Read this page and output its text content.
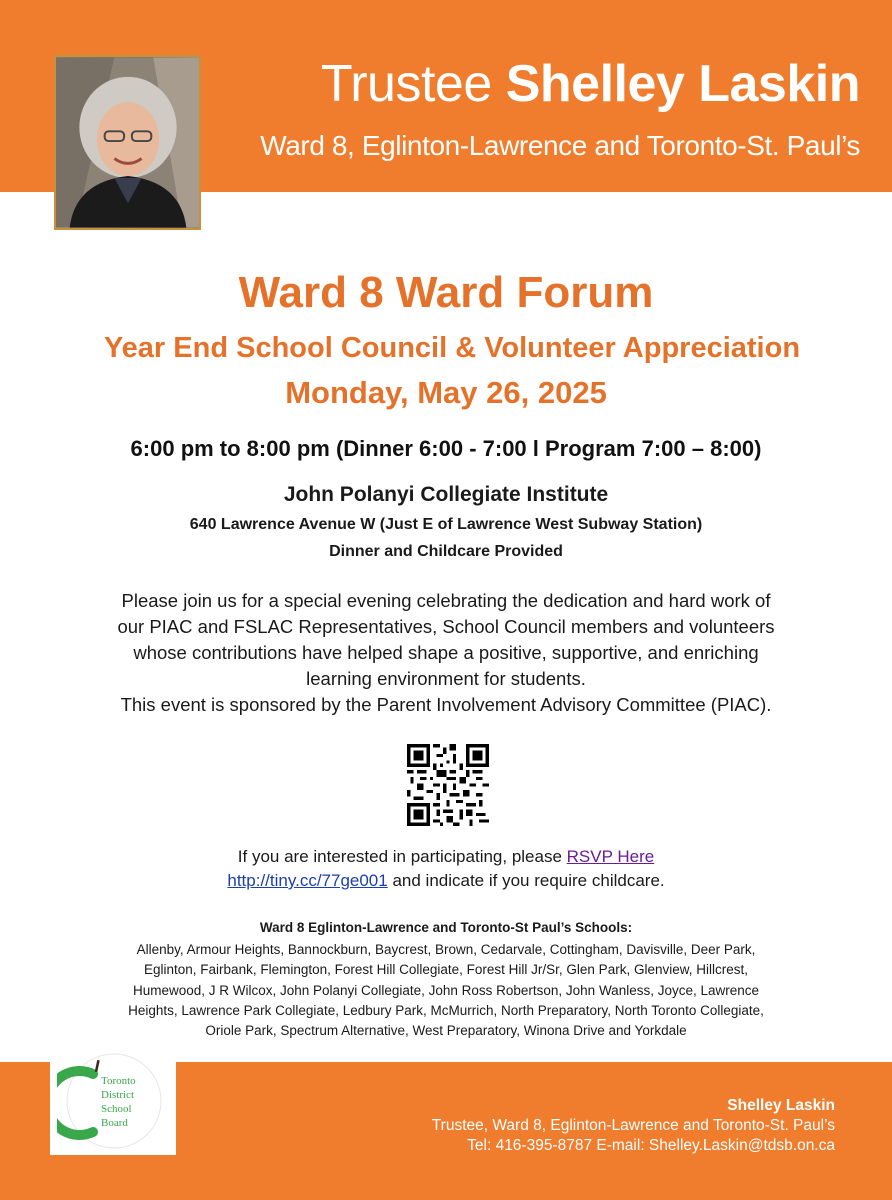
Trustee Shelley Laskin
Ward 8, Eglinton-Lawrence and Toronto-St. Paul’s
Ward 8 Ward Forum
Year End School Council & Volunteer Appreciation
Monday, May 26, 2025
6:00 pm to 8:00 pm (Dinner 6:00 - 7:00 l Program 7:00 – 8:00)
John Polanyi Collegiate Institute
640 Lawrence Avenue W (Just E of Lawrence West Subway Station)
Dinner and Childcare Provided
Please join us for a special evening celebrating the dedication and hard work of
our PIAC and FSLAC Representatives, School Council members and volunteers
whose contributions have helped shape a positive, supportive, and enriching
learning environment for students.
This event is sponsored by the Parent Involvement Advisory Committee (PIAC).
If you are interested in participating, please RSVP Here
http://tiny.cc/77ge001 and indicate if you require childcare.
Ward 8 Eglinton-Lawrence and Toronto-St Paul’s Schools:
Allenby, Armour Heights, Bannockburn, Baycrest, Brown, Cedarvale, Cottingham, Davisville, Deer Park,
Eglinton, Fairbank, Flemington, Forest Hill Collegiate, Forest Hill Jr/Sr, Glen Park, Glenview, Hillcrest,
Humewood, J R Wilcox, John Polanyi Collegiate, John Ross Robertson, John Wanless, Joyce, Lawrence
Heights, Lawrence Park Collegiate, Ledbury Park, McMurrich, North Preparatory, North Toronto Collegiate,
Oriole Park, Spectrum Alternative, West Preparatory, Winona Drive and Yorkdale
Toronto
District
School
Board
Shelley Laskin
Trustee, Ward 8, Eglinton-Lawrence and Toronto-St. Paul’s
Tel: 416-395-8787 E-mail: Shelley.Laskin@tdsb.on.ca
